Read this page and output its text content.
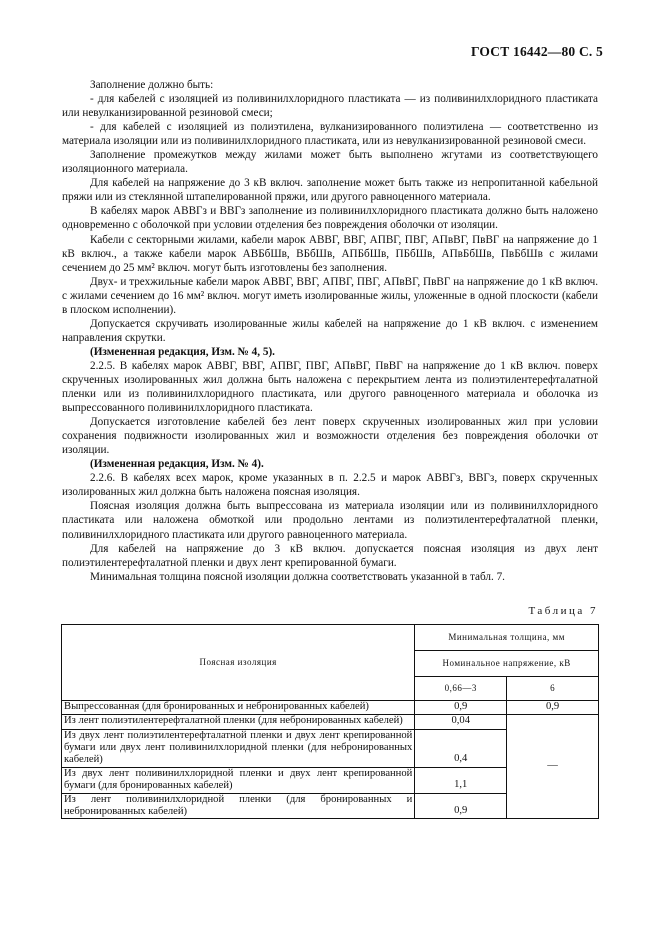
ГОСТ 16442—80 С. 5

Заполнение должно быть:

- для кабелей с изоляцией из поливинилхлоридного пластиката — из поливинилхлоридного пластиката или невулканизированной резиновой смеси;

- для кабелей с изоляцией из полиэтилена, вулканизированного полиэтилена — соответственно из материала изоляции или из поливинилхлоридного пластиката, или из невулканизированной резиновой смеси.

Заполнение промежутков между жилами может быть выполнено жгутами из соответствующего изоляционного материала.

Для кабелей на напряжение до 3 кВ включ. заполнение может быть также из непропитанной кабельной пряжи или из стеклянной штапелированной пряжи, или другого равноценного материала.

В кабелях марок АВВГз и ВВГз заполнение из поливинилхлоридного пластиката должно быть наложено одновременно с оболочкой при условии отделения без повреждения оболочки от изоляции.

Кабели с секторными жилами, кабели марок АВВГ, ВВГ, АПВГ, ПВГ, АПвВГ, ПвВГ на напряжение до 1 кВ включ., а также кабели марок АВБбШв, ВБбШв, АПБбШв, ПБбШв, АПвБбШв, ПвБбШв с жилами сечением до 25 мм² включ. могут быть изготовлены без заполнения.

Двух- и трехжильные кабели марок АВВГ, ВВГ, АПВГ, ПВГ, АПвВГ, ПвВГ на напряжение до 1 кВ включ. с жилами сечением до 16 мм² включ. могут иметь изолированные жилы, уложенные в одной плоскости (кабели в плоском исполнении).

Допускается скручивать изолированные жилы кабелей на напряжение до 1 кВ включ. с изменением направления скрутки.

(Измененная редакция, Изм. № 4, 5).

2.2.5. В кабелях марок АВВГ, ВВГ, АПВГ, ПВГ, АПвВГ, ПвВГ на напряжение до 1 кВ включ. поверх скрученных изолированных жил должна быть наложена с перекрытием лента из полиэтилентерефталатной пленки или из поливинилхлоридного пластиката, или другого равноценного материала и оболочка из выпрессованного поливинилхлоридного пластиката.

Допускается изготовление кабелей без лент поверх скрученных изолированных жил при условии сохранения подвижности изолированных жил и возможности отделения без повреждения оболочки от изоляции.

(Измененная редакция, Изм. № 4).

2.2.6. В кабелях всех марок, кроме указанных в п. 2.2.5 и марок АВВГз, ВВГз, поверх скрученных изолированных жил должна быть наложена поясная изоляция.

Поясная изоляция должна быть выпрессована из материала изоляции или из поливинилхлоридного пластиката или наложена обмоткой или продольно лентами из полиэтилентерефталатной пленки, поливинилхлоридного пластиката или другого равноценного материала.

Для кабелей на напряжение до 3 кВ включ. допускается поясная изоляция из двух лент полиэтилентерефталатной пленки и двух лент крепированной бумаги.

Минимальная толщина поясной изоляции должна соответствовать указанной в табл. 7.

Таблица 7
Поясная изоляция	Минимальная толщина, мм	
	Номинальное напряжение, кВ	
	0,66—3	6
Выпрессованная (для бронированных и небронированных кабелей)	0,9	0,9
Из лент полиэтилентерефталатной пленки (для небронированных кабелей)	0,04	—
Из двух лент полиэтилентерефталатной пленки и двух лент крепированной бумаги или двух лент поливинилхлоридной пленки (для небронированных кабелей)	0,4	
Из двух лент поливинилхлоридной пленки и двух лент крепированной бумаги (для бронированных кабелей)	1,1	
Из лент поливинилхлоридной пленки (для бронированных и небронированных кабелей)	0,9	
